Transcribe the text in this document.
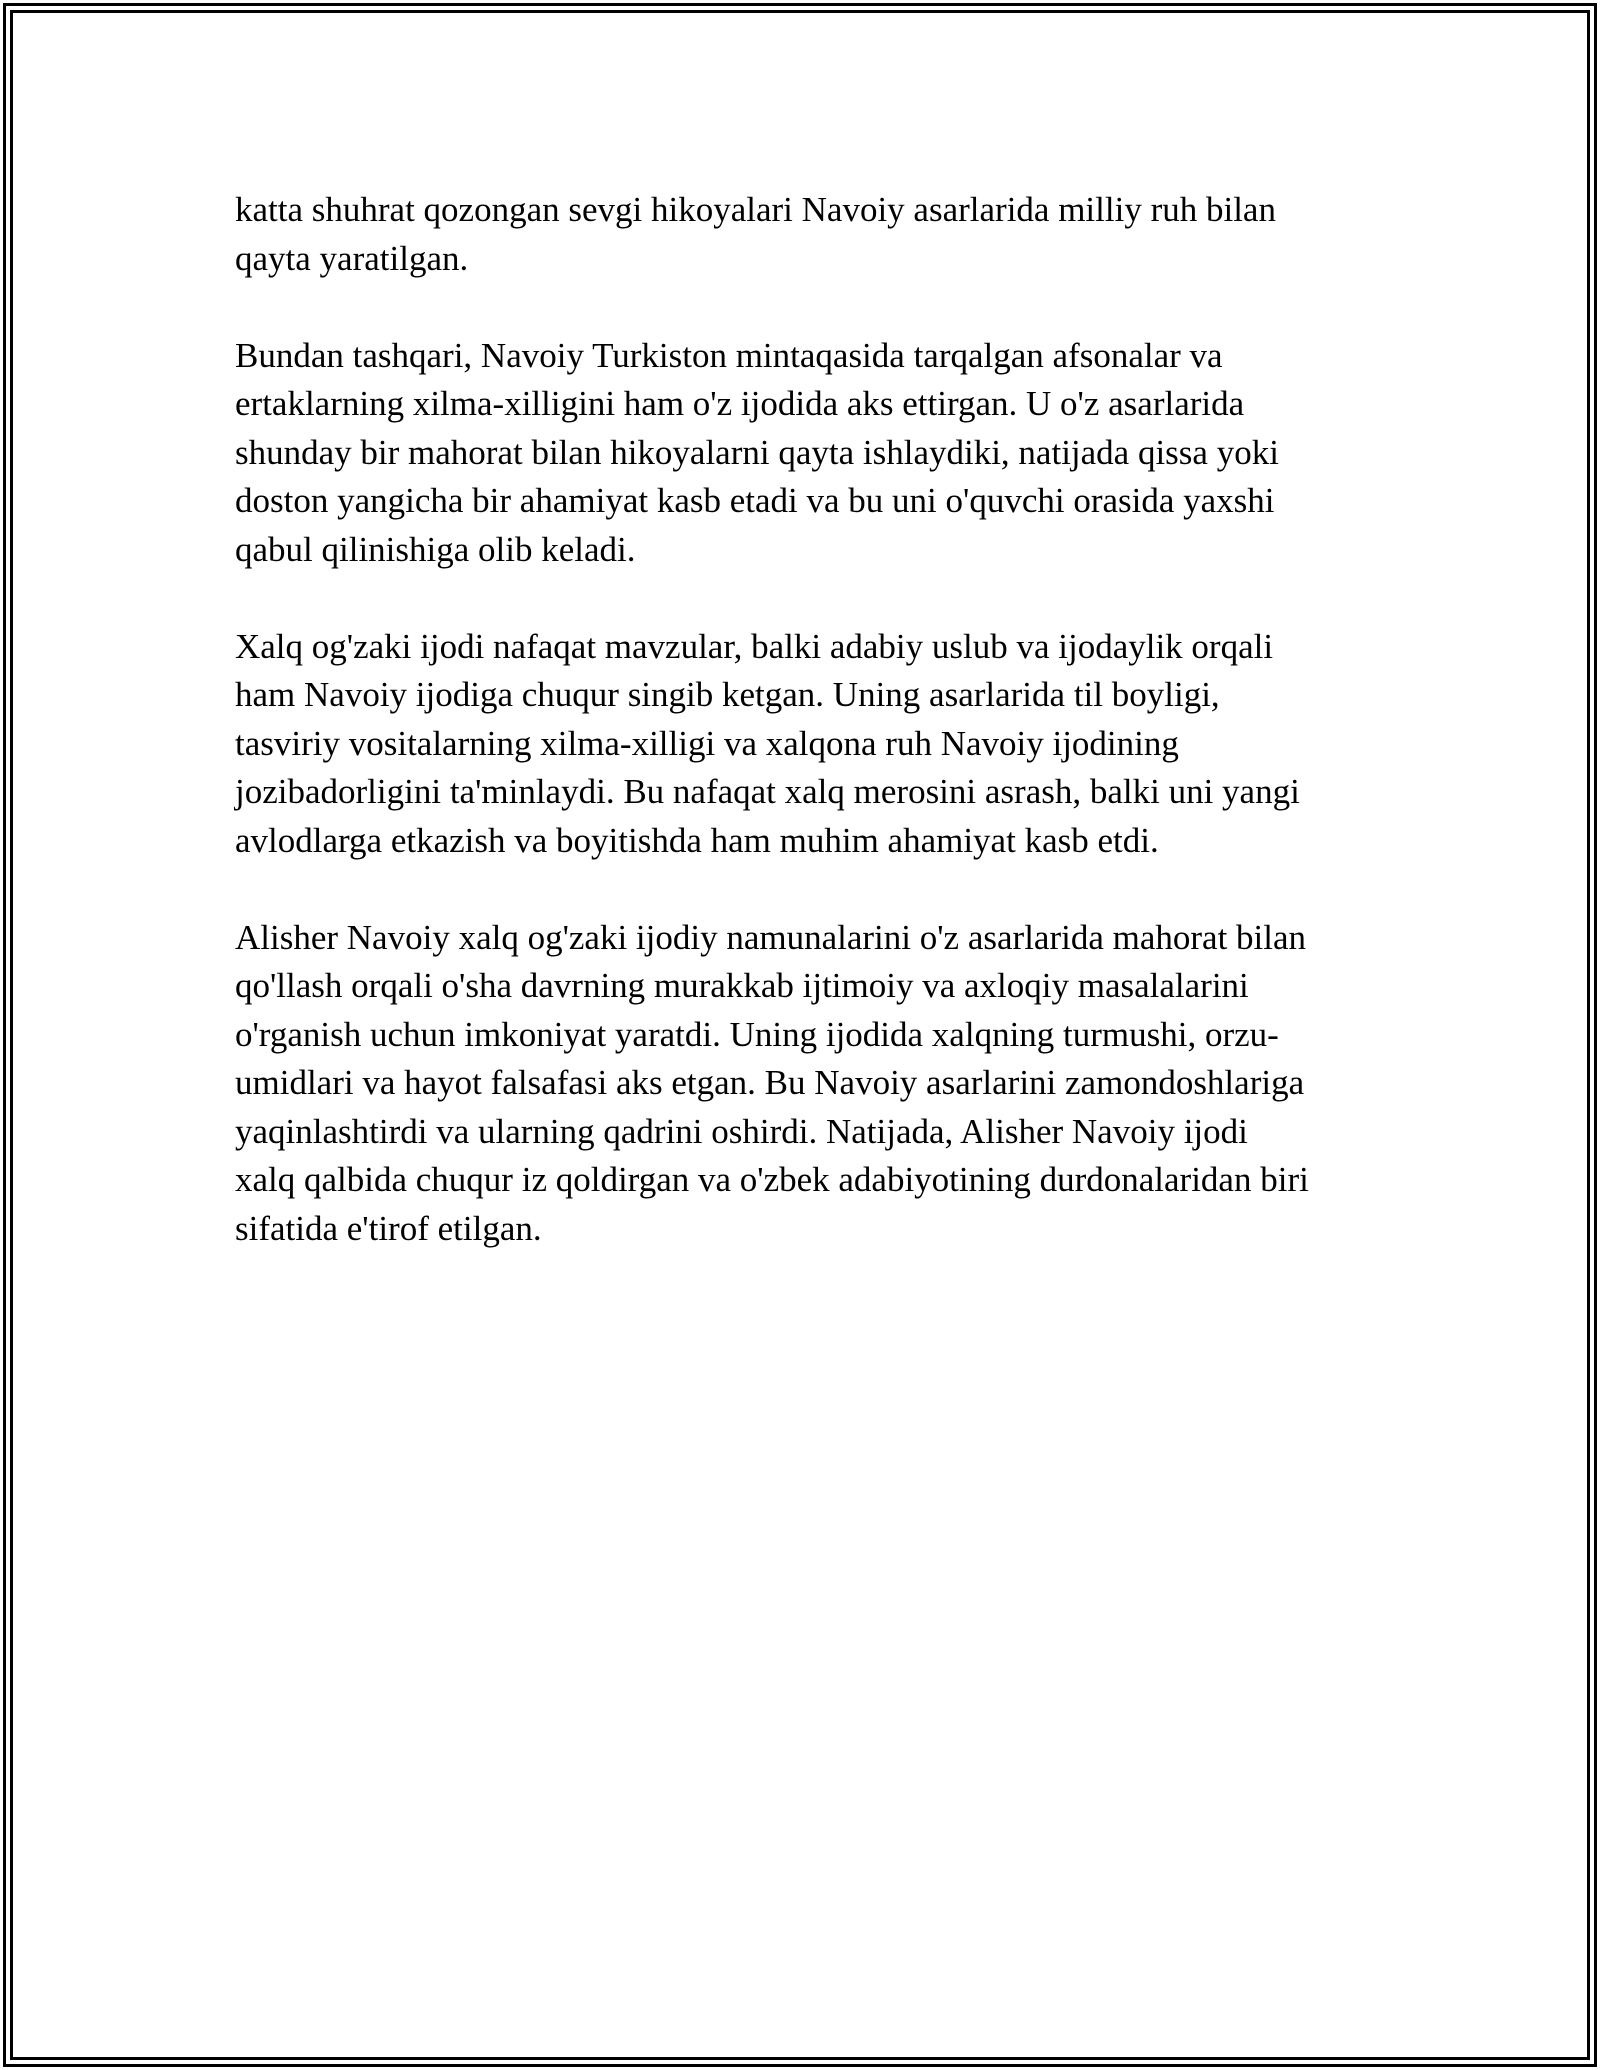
katta shuhrat qozongan sevgi hikoyalari Navoiy asarlarida milliy ruh bilan
qayta yaratilgan.

Bundan tashqari, Navoiy Turkiston mintaqasida tarqalgan afsonalar va
ertaklarning xilma-xilligini ham o'z ijodida aks ettirgan. U o'z asarlarida
shunday bir mahorat bilan hikoyalarni qayta ishlaydiki, natijada qissa yoki
doston yangicha bir ahamiyat kasb etadi va bu uni o'quvchi orasida yaxshi
qabul qilinishiga olib keladi.

Xalq og'zaki ijodi nafaqat mavzular, balki adabiy uslub va ijodaylik orqali
ham Navoiy ijodiga chuqur singib ketgan. Uning asarlarida til boyligi,
tasviriy vositalarning xilma-xilligi va xalqona ruh Navoiy ijodining
jozibadorligini ta'minlaydi. Bu nafaqat xalq merosini asrash, balki uni yangi
avlodlarga etkazish va boyitishda ham muhim ahamiyat kasb etdi.

Alisher Navoiy xalq og'zaki ijodiy namunalarini o'z asarlarida mahorat bilan
qo'llash orqali o'sha davrning murakkab ijtimoiy va axloqiy masalalarini
o'rganish uchun imkoniyat yaratdi. Uning ijodida xalqning turmushi, orzu-
umidlari va hayot falsafasi aks etgan. Bu Navoiy asarlarini zamondoshlariga
yaqinlashtirdi va ularning qadrini oshirdi. Natijada, Alisher Navoiy ijodi
xalq qalbida chuqur iz qoldirgan va o'zbek adabiyotining durdonalaridan biri
sifatida e'tirof etilgan.
